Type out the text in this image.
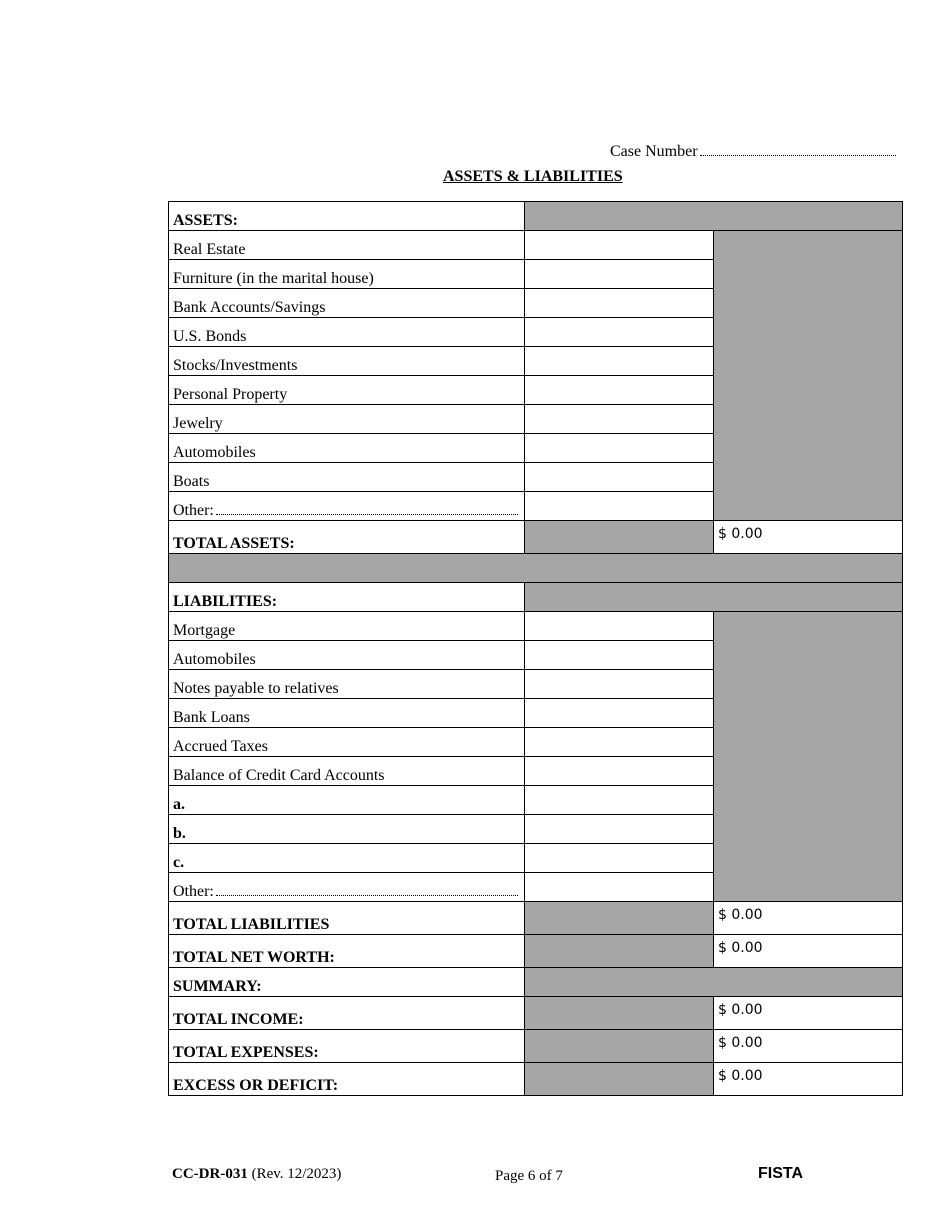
Case Number
ASSETS & LIABILITIES
ASSETS:		
Real Estate		
Furniture (in the marital house)		
Bank Accounts/Savings		
U.S. Bonds		
Stocks/Investments		
Personal Property		
Jewelry		
Automobiles		
Boats		
Other:		
TOTAL ASSETS:		$ 0.00

LIABILITIES:		
Mortgage		
Automobiles		
Notes payable to relatives		
Bank Loans		
Accrued Taxes		
Balance of Credit Card Accounts		
a.		
b.		
c.		
Other:		
TOTAL LIABILITIES		$ 0.00
TOTAL NET WORTH:		$ 0.00
SUMMARY:		
TOTAL INCOME:		$ 0.00
TOTAL EXPENSES:		$ 0.00
EXCESS OR DEFICIT:		$ 0.00
CC-DR-031 (Rev. 12/2023)	Page 6 of 7	FISTA
